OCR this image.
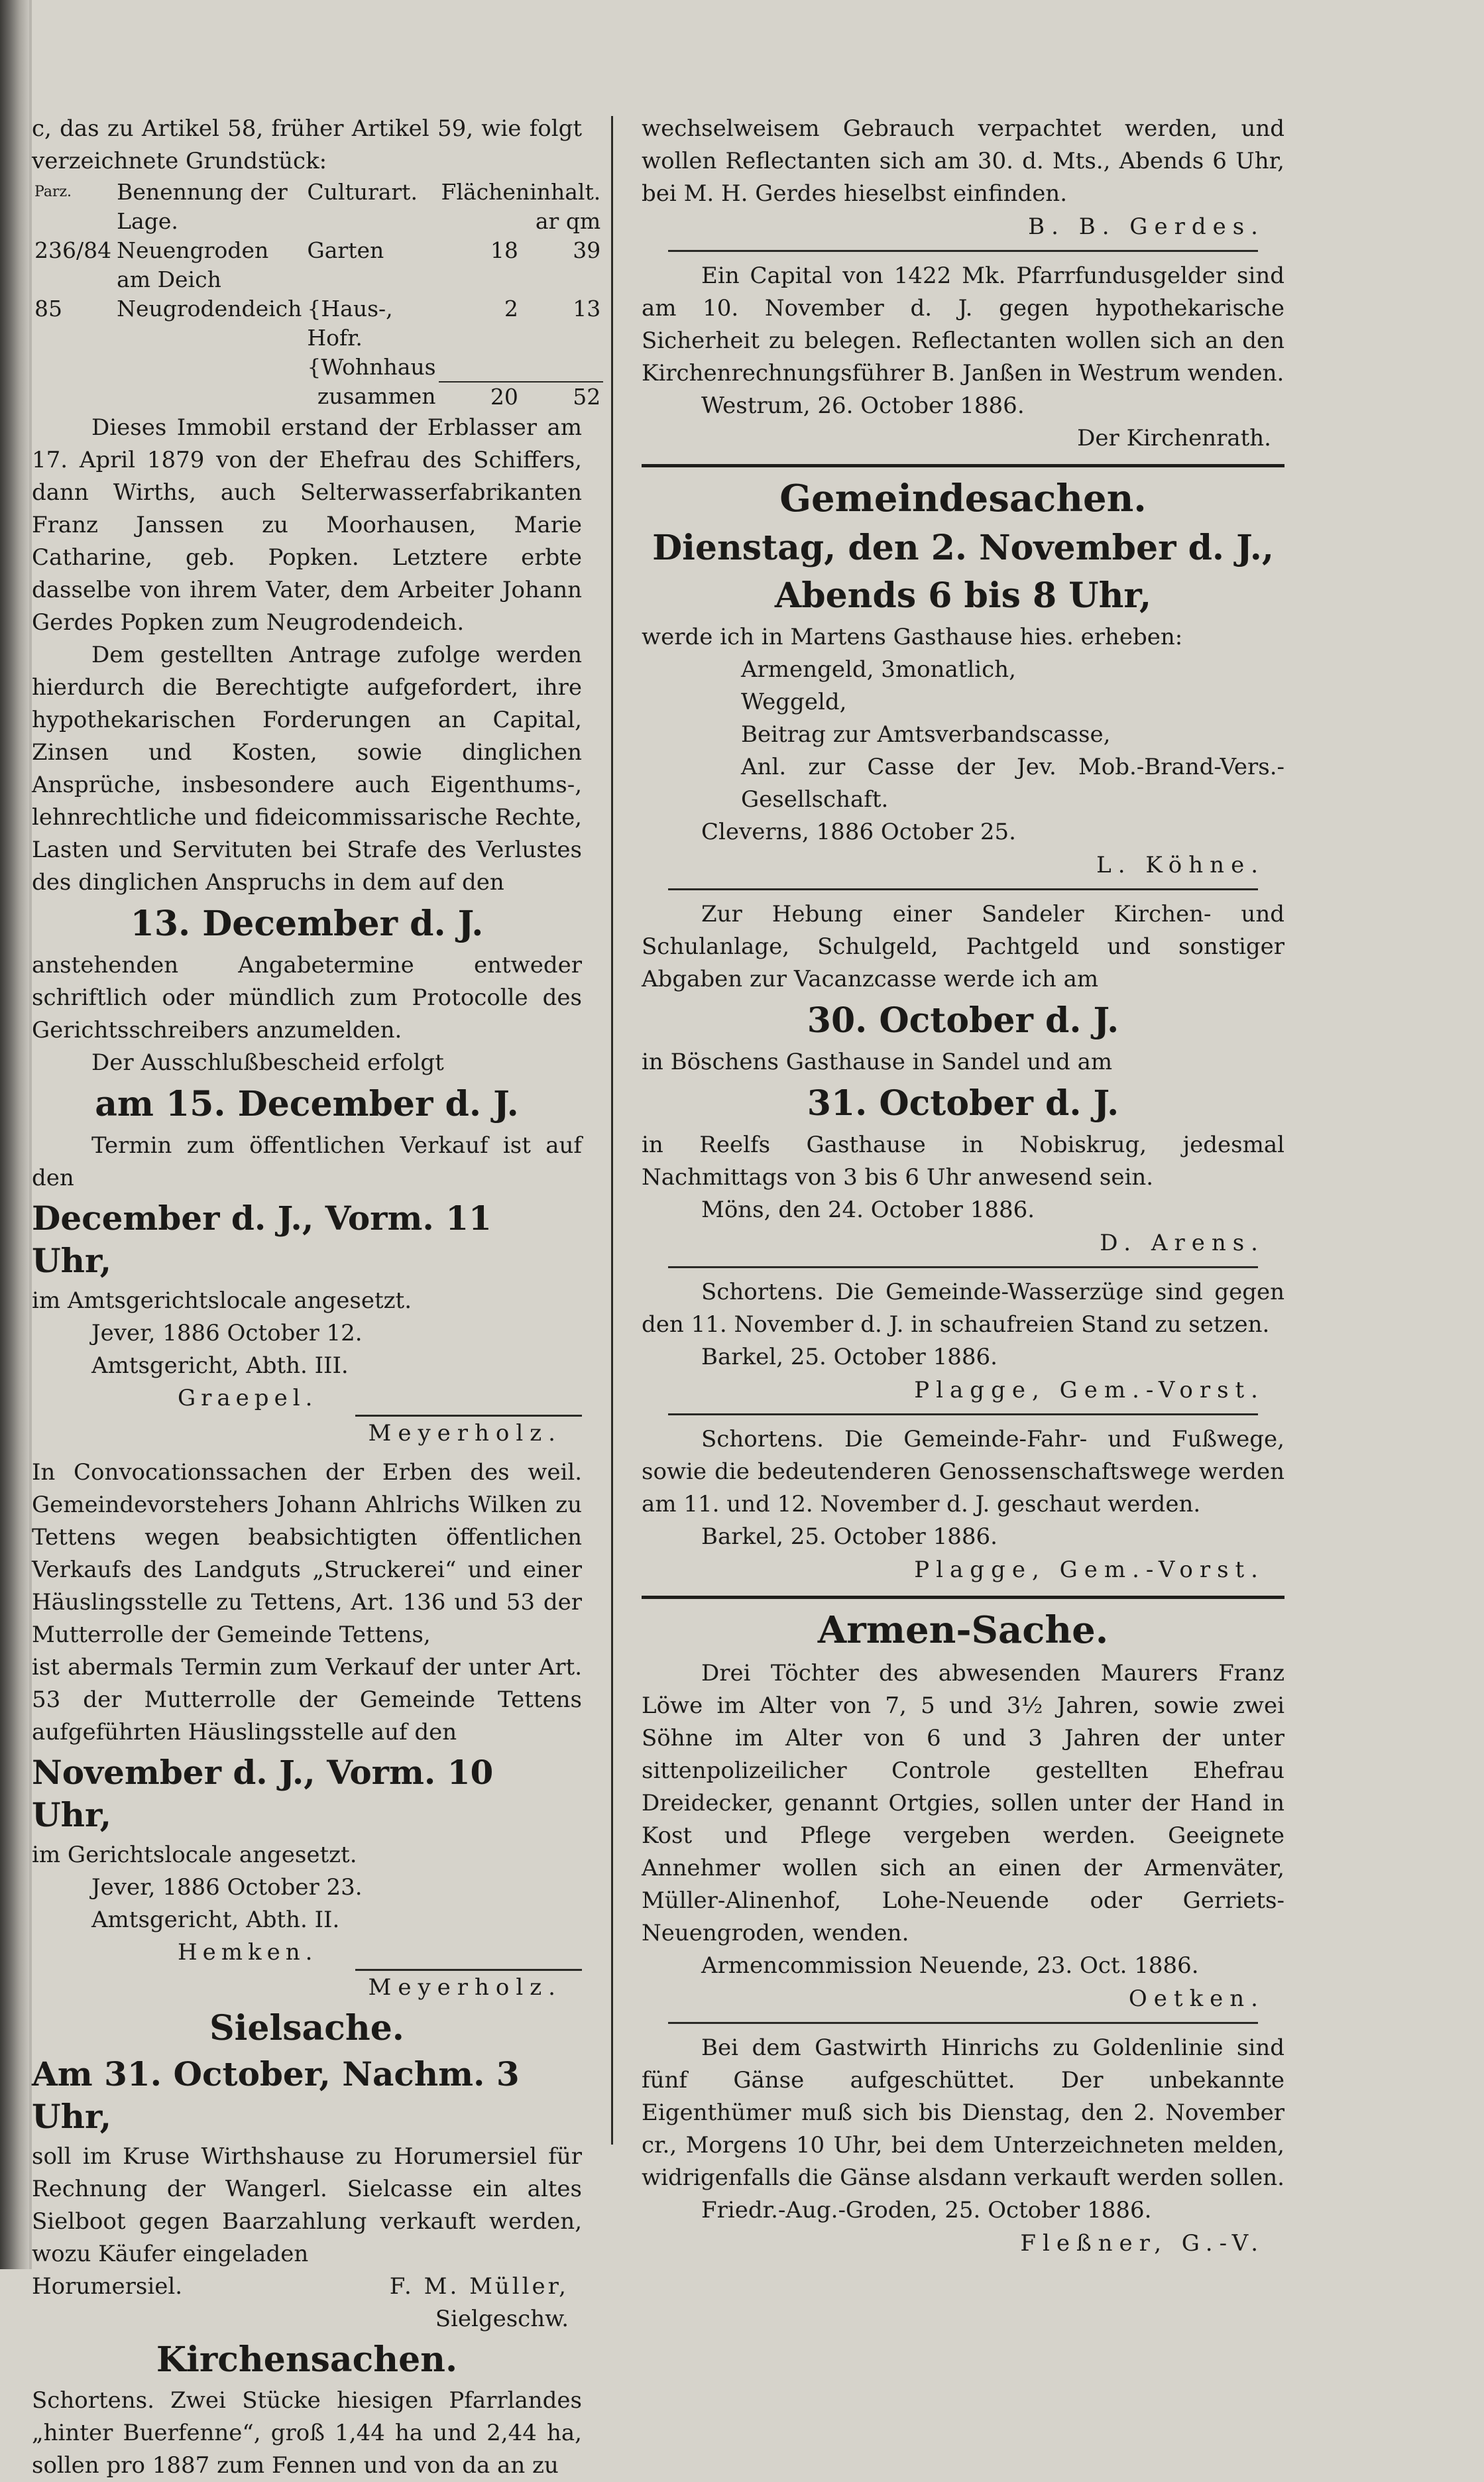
c, das zu Artikel 58, früher Artikel 59, wie folgt verzeichnete Grundstück:

Parz.	Benennung der Lage.	Culturart.	Flächeninhalt.
ar qm	

236/84	Neuengroden am Deich	Garten	18	39
85	Neugrodendeich	{Haus-, Hofr. {Wohnhaus	2	13
	zusammen		20	52

Dieses Immobil erstand der Erblasser am 17. April 1879 von der Ehefrau des Schiffers, dann Wirths, auch Selterwasserfabrikanten Franz Janssen zu Moorhausen, Marie Catharine, geb. Popken. Letztere erbte dasselbe von ihrem Vater, dem Arbeiter Johann Gerdes Popken zum Neugrodendeich.

Dem gestellten Antrage zufolge werden hierdurch die Berechtigte aufgefordert, ihre hypothekarischen Forderungen an Capital, Zinsen und Kosten, sowie dinglichen Ansprüche, insbesondere auch Eigenthums-, lehnrechtliche und fideicommissarische Rechte, Lasten und Servituten bei Strafe des Verlustes des dinglichen Anspruchs in dem auf den

13. December d. J.

anstehenden Angabetermine entweder schriftlich oder mündlich zum Protocolle des Gerichtsschreibers anzumelden.

Der Ausschlußbescheid erfolgt

am 15. December d. J.

Termin zum öffentlichen Verkauf ist auf den

December d. J., Vorm. 11 Uhr,

im Amtsgerichtslocale angesetzt.

Jever, 1886 October 12.

Amtsgericht, Abth. III.

Graepel.

Meyerholz.

In Convocationssachen der Erben des weil. Gemeindevorstehers Johann Ahlrichs Wilken zu Tettens wegen beabsichtigten öffentlichen Verkaufs des Landguts „Struckerei“ und einer Häuslingsstelle zu Tettens, Art. 136 und 53 der Mutterrolle der Gemeinde Tettens,

ist abermals Termin zum Verkauf der unter Art. 53 der Mutterrolle der Gemeinde Tettens aufgeführten Häuslingsstelle auf den

November d. J., Vorm. 10 Uhr,

im Gerichtslocale angesetzt.

Jever, 1886 October 23.

Amtsgericht, Abth. II.

Hemken.

Meyerholz.

Sielsache.
Am 31. October, Nachm. 3 Uhr,

soll im Kruse Wirthshause zu Horumersiel für Rechnung der Wangerl. Sielcasse ein altes Sielboot gegen Baarzahlung verkauft werden, wozu Käufer eingeladen

Horumersiel.	F. M. Müller,

Sielgeschw.

Kirchensachen.

Schortens. Zwei Stücke hiesigen Pfarrlandes „hinter Buerfenne“, groß 1,44 ha und 2,44 ha, sollen pro 1887 zum Fennen und von da an zu

wechselweisem Gebrauch verpachtet werden, und wollen Reflectanten sich am 30. d. Mts., Abends 6 Uhr, bei M. H. Gerdes hieselbst einfinden.

B. B. Gerdes.

Ein Capital von 1422 Mk. Pfarrfundusgelder sind am 10. November d. J. gegen hypothekarische Sicherheit zu belegen. Reflectanten wollen sich an den Kirchenrechnungsführer B. Janßen in Westrum wenden.

Westrum, 26. October 1886.

Der Kirchenrath.

Gemeindesachen.
Dienstag, den 2. November d. J.,
Abends 6 bis 8 Uhr,

werde ich in Martens Gasthause hies. erheben:

Armengeld, 3monatlich,

Weggeld,

Beitrag zur Amtsverbandscasse,

Anl. zur Casse der Jev. Mob.-Brand-Vers.-Gesellschaft.

Cleverns, 1886 October 25.

L. Köhne.

Zur Hebung einer Sandeler Kirchen- und Schulanlage, Schulgeld, Pachtgeld und sonstiger Abgaben zur Vacanzcasse werde ich am

30. October d. J.

in Böschens Gasthause in Sandel und am

31. October d. J.

in Reelfs Gasthause in Nobiskrug, jedesmal Nachmittags von 3 bis 6 Uhr anwesend sein.

Möns, den 24. October 1886.

D. Arens.

Schortens. Die Gemeinde-Wasserzüge sind gegen den 11. November d. J. in schaufreien Stand zu setzen.

Barkel, 25. October 1886.

Plagge, Gem.-Vorst.

Schortens. Die Gemeinde-Fahr- und Fußwege, sowie die bedeutenderen Genossenschaftswege werden am 11. und 12. November d. J. geschaut werden.

Barkel, 25. October 1886.

Plagge, Gem.-Vorst.

Armen-Sache.

Drei Töchter des abwesenden Maurers Franz Löwe im Alter von 7, 5 und 3½ Jahren, sowie zwei Söhne im Alter von 6 und 3 Jahren der unter sittenpolizeilicher Controle gestellten Ehefrau Dreidecker, genannt Ortgies, sollen unter der Hand in Kost und Pflege vergeben werden. Geeignete Annehmer wollen sich an einen der Armenväter, Müller-Alinenhof, Lohe-Neuende oder Gerriets-Neuengroden, wenden.

Armencommission Neuende, 23. Oct. 1886.

Oetken.

Bei dem Gastwirth Hinrichs zu Goldenlinie sind fünf Gänse aufgeschüttet. Der unbekannte Eigenthümer muß sich bis Dienstag, den 2. November cr., Morgens 10 Uhr, bei dem Unterzeichneten melden, widrigenfalls die Gänse alsdann verkauft werden sollen.

Friedr.-Aug.-Groden, 25. October 1886.

Fleßner, G.-V.
